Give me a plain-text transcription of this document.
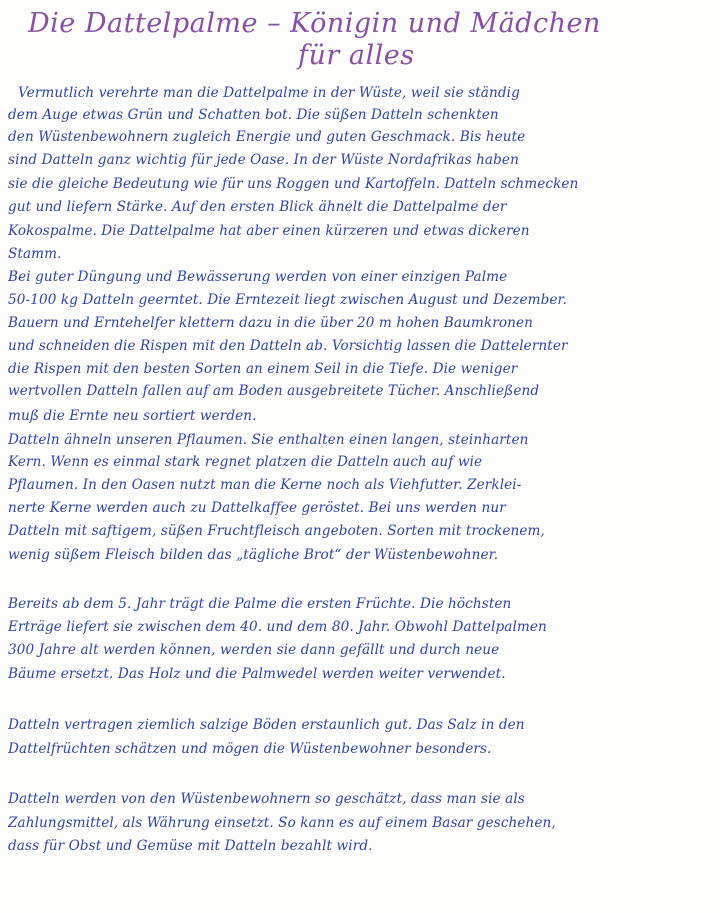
Die Dattelpalme – Königin und Mädchen
für alles

Vermutlich verehrte man die Dattelpalme in der Wüste, weil sie ständig

dem Auge etwas Grün und Schatten bot. Die süßen Datteln schenkten

den Wüstenbewohnern zugleich Energie und guten Geschmack. Bis heute

sind Datteln ganz wichtig für jede Oase. In der Wüste Nordafrikas haben

sie die gleiche Bedeutung wie für uns Roggen und Kartoffeln. Datteln schmecken

gut und liefern Stärke. Auf den ersten Blick ähnelt die Dattelpalme der

Kokospalme. Die Dattelpalme hat aber einen kürzeren und etwas dickeren

Stamm.

Bei guter Düngung und Bewässerung werden von einer einzigen Palme

50-100 kg Datteln geerntet. Die Erntezeit liegt zwischen August und Dezember.

Bauern und Erntehelfer klettern dazu in die über 20 m hohen Baumkronen

und schneiden die Rispen mit den Datteln ab. Vorsichtig lassen die Dattelernter

die Rispen mit den besten Sorten an einem Seil in die Tiefe. Die weniger

wertvollen Datteln fallen auf am Boden ausgebreitete Tücher. Anschließend

muß die Ernte neu sortiert werden.

Datteln ähneln unseren Pflaumen. Sie enthalten einen langen, steinharten

Kern. Wenn es einmal stark regnet platzen die Datteln auch auf wie

Pflaumen. In den Oasen nutzt man die Kerne noch als Viehfutter. Zerklei-

nerte Kerne werden auch zu Dattelkaffee geröstet. Bei uns werden nur

Datteln mit saftigem, süßen Fruchtfleisch angeboten. Sorten mit trockenem,

wenig süßem Fleisch bilden das „tägliche Brot“ der Wüstenbewohner.

Bereits ab dem 5. Jahr trägt die Palme die ersten Früchte. Die höchsten

Erträge liefert sie zwischen dem 40. und dem 80. Jahr. Obwohl Dattelpalmen

300 Jahre alt werden können, werden sie dann gefällt und durch neue

Bäume ersetzt. Das Holz und die Palmwedel werden weiter verwendet.

Datteln vertragen ziemlich salzige Böden erstaunlich gut. Das Salz in den

Dattelfrüchten schätzen und mögen die Wüstenbewohner besonders.

Datteln werden von den Wüstenbewohnern so geschätzt, dass man sie als

Zahlungsmittel, als Währung einsetzt. So kann es auf einem Basar geschehen,

dass für Obst und Gemüse mit Datteln bezahlt wird.
